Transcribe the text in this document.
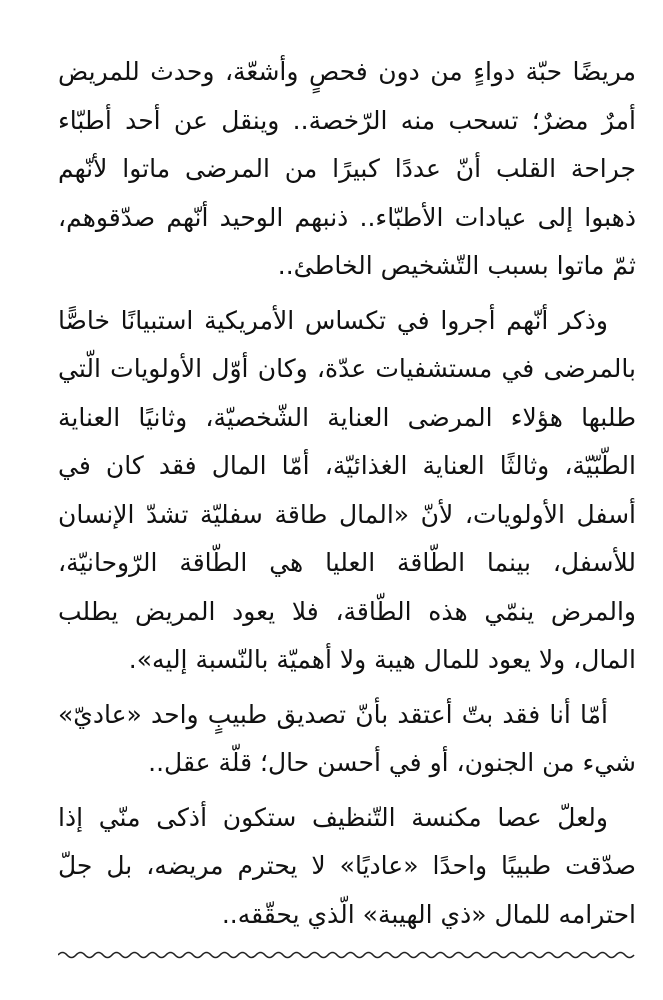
مريضًا حبّة دواءٍ من دون فحصٍ وأشعّة، وحدث للمريض أمرٌ مضرٌ؛ تسحب منه الرّخصة.. وينقل عن أحد أطبّاء جراحة القلب أنّ عددًا كبيرًا من المرضى ماتوا لأنّهم ذهبوا إلى عيادات الأطبّاء.. ذنبهم الوحيد أنّهم صدّقوهم، ثمّ ماتوا بسبب التّشخيص الخاطئ..

وذكر أنّهم أجروا في تكساس الأمريكية استبيانًا خاصًّا بالمرضى في مستشفيات عدّة، وكان أوّل الأولويات الّتي طلبها هؤلاء المرضى العناية الشّخصيّة، وثانيًا العناية الطّبّيّة، وثالثًا العناية الغذائيّة، أمّا المال فقد كان في أسفل الأولويات، لأنّ «المال طاقة سفليّة تشدّ الإنسان للأسفل، بينما الطّاقة العليا هي الطّاقة الرّوحانيّة، والمرض ينمّي هذه الطّاقة، فلا يعود المريض يطلب المال، ولا يعود للمال هيبة ولا أهميّة بالنّسبة إليه».

أمّا أنا فقد بتّ أعتقد بأنّ تصديق طبيبٍ واحد «عاديّ» شيء من الجنون، أو في أحسن حال؛ قلّة عقل..

ولعلّ عصا مكنسة التّنظيف ستكون أذكى منّي إذا صدّقت طبيبًا واحدًا «عاديًا» لا يحترم مريضه، بل جلّ احترامه للمال «ذي الهيبة» الّذي يحقّقه..
